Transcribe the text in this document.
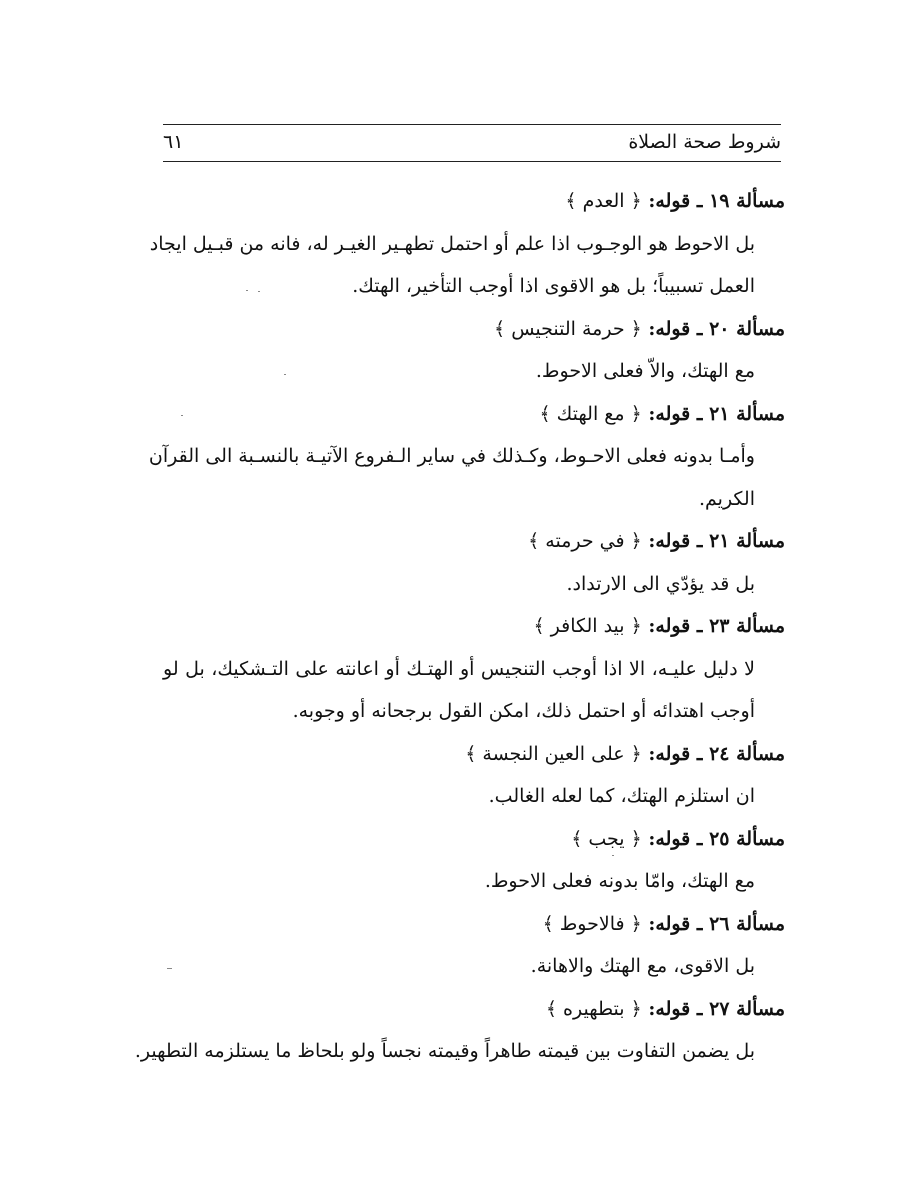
شروط صحة الصلاة
٦١
مسألة ١٩ ـ قوله: ﴿ العدم ﴾
بل الاحوط هو الوجـوب اذا علم أو احتمل تطهـير الغيـر له، فانه من قبـيل ايجاد
العمل تسبيباً؛ بل هو الاقوى اذا أوجب التأخير، الهتك.
مسألة ٢٠ ـ قوله: ﴿ حرمة التنجيس ﴾
مع الهتك، والاّ فعلى الاحوط.
مسألة ٢١ ـ قوله: ﴿ مع الهتك ﴾
وأمـا بدونه فعلى الاحـوط، وكـذلك في ساير الـفروع الآتيـة بالنسـبة الى القرآن
الكريم.
مسألة ٢١ ـ قوله: ﴿ في حرمته ﴾
بل قد يؤدّي الى الارتداد.
مسألة ٢٣ ـ قوله: ﴿ بيد الكافر ﴾
لا دليل عليـه، الا اذا أوجب التنجيس أو الهتـك أو اعانته على التـشكيك، بل لو
أوجب اهتدائه أو احتمل ذلك، امكن القول برجحانه أو وجوبه.
مسألة ٢٤ ـ قوله: ﴿ على العين النجسة ﴾
ان استلزم الهتك، كما لعله الغالب.
مسألة ٢٥ ـ قوله: ﴿ يجب ﴾
مع الهتك، وامّا بدونه فعلى الاحوط.
مسألة ٢٦ ـ قوله: ﴿ فالاحوط ﴾
بل الاقوى، مع الهتك والاهانة.
مسألة ٢٧ ـ قوله: ﴿ بتطهيره ﴾
بل يضمن التفاوت بين قيمته طاهراً وقيمته نجساً ولو بلحاظ ما يستلزمه التطهير.
